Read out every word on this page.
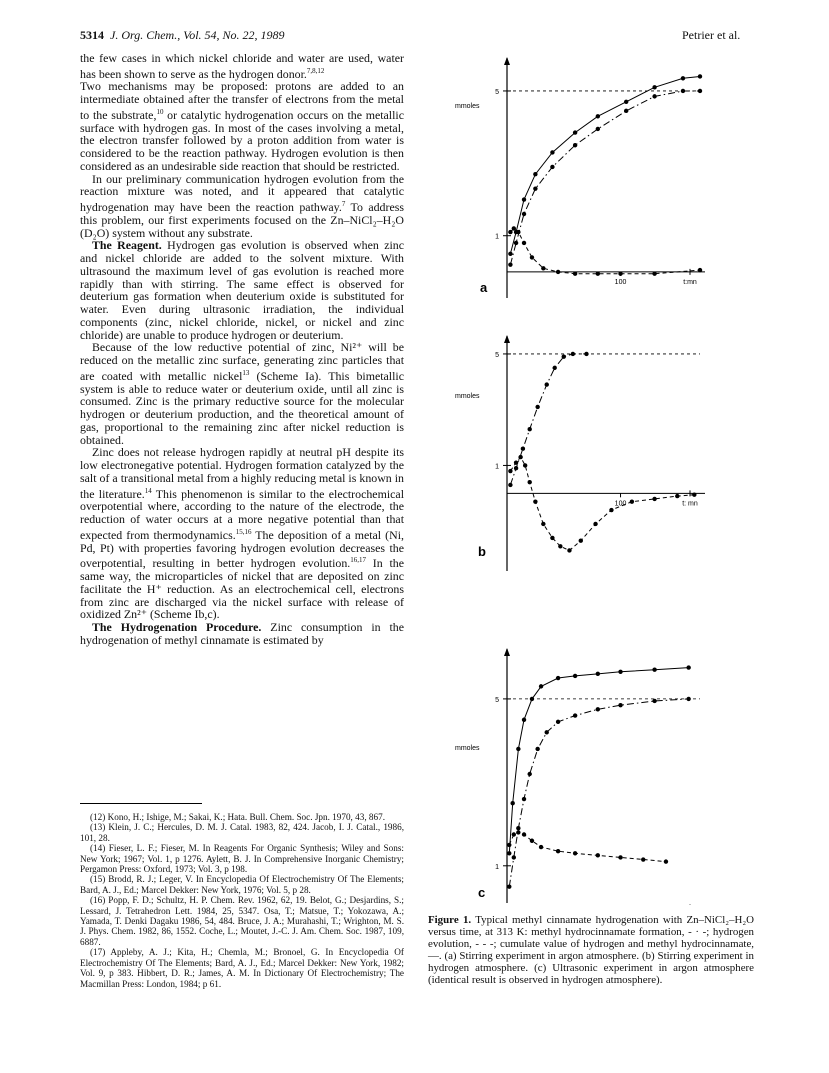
5314 J. Org. Chem., Vol. 54, No. 22, 1989	Petrier et al.

the few cases in which nickel chloride and water are used, water has been shown to serve as the hydrogen donor.$^{7,8,12}$

Two mechanisms may be proposed: protons are added to an intermediate obtained after the transfer of electrons from the metal to the substrate,$^{10}$ or catalytic hydrogenation occurs on the metallic surface with hydrogen gas. In most of the cases involving a metal, the electron transfer followed by a proton addition from water is considered to be the reaction pathway. Hydrogen evolution is then considered as an undesirable side reaction that should be restricted.

In our preliminary communication hydrogen evolution from the reaction mixture was noted, and it appeared that catalytic hydrogenation may have been the reaction pathway.$^7$ To address this problem, our first experiments focused on the Zn–NiCl₂–H₂O (D₂O) system without any substrate.

The Reagent. Hydrogen gas evolution is observed when zinc and nickel chloride are added to the solvent mixture. With ultrasound the maximum level of gas evolution is reached more rapidly than with stirring. The same effect is observed for deuterium gas formation when deuterium oxide is substituted for water. Even during ultrasonic irradiation, the individual components (zinc, nickel chloride, nickel, or nickel and zinc chloride) are unable to produce hydrogen or deuterium.

Because of the low reductive potential of zinc, Ni²⁺ will be reduced on the metallic zinc surface, generating zinc particles that are coated with metallic nickel$^{13}$ (Scheme Ia). This bimetallic system is able to reduce water or deuterium oxide, until all zinc is consumed. Zinc is the primary reductive source for the molecular hydrogen or deuterium production, and the theoretical amount of gas, proportional to the remaining zinc after nickel reduction is obtained.

Zinc does not release hydrogen rapidly at neutral pH despite its low electronegative potential. Hydrogen formation catalyzed by the salt of a transitional metal from a highly reducing metal is known in the literature.$^{14}$ This phenomenon is similar to the electrochemical overpotential where, according to the nature of the electrode, the reduction of water occurs at a more negative potential than that expected from thermodynamics.$^{15,16}$ The deposition of a metal (Ni, Pd, Pt) with properties favoring hydrogen evolution decreases the overpotential, resulting in better hydrogen evolution.$^{16,17}$ In the same way, the microparticles of nickel that are deposited on zinc facilitate the H⁺ reduction. As an electrochemical cell, electrons from zinc are discharged via the nickel surface with release of oxidized Zn²⁺ (Scheme Ib,c).

The Hydrogenation Procedure. Zinc consumption in the hydrogenation of methyl cinnamate is estimated by

(12) Kono, H.; Ishige, M.; Sakai, K.; Hata. Bull. Chem. Soc. Jpn. 1970, 43, 867.

(13) Klein, J. C.; Hercules, D. M. J. Catal. 1983, 82, 424. Jacob, I. J. Catal., 1986, 101, 28.

(14) Fieser, L. F.; Fieser, M. In Reagents For Organic Synthesis; Wiley and Sons: New York; 1967; Vol. 1, p 1276. Aylett, B. J. In Comprehensive Inorganic Chemistry; Pergamon Press: Oxford, 1973; Vol. 3, p 198.

(15) Brodd, R. J.; Leger, V. In Encyclopedia Of Electrochemistry Of The Elements; Bard, A. J., Ed.; Marcel Dekker: New York, 1976; Vol. 5, p 28.

(16) Popp, F. D.; Schultz, H. P. Chem. Rev. 1962, 62, 19. Belot, G.; Desjardins, S.; Lessard, J. Tetrahedron Lett. 1984, 25, 5347. Osa, T.; Matsue, T.; Yokozawa, A.; Yamada, T. Denki Dagaku 1986, 54, 484. Bruce, J. A.; Murahashi, T.; Wrighton, M. S. J. Phys. Chem. 1982, 86, 1552. Coche, L.; Moutet, J.-C. J. Am. Chem. Soc. 1987, 109, 6887.

(17) Appleby, A. J.; Kita, H.; Chemla, M.; Bronoel, G. In Encyclopedia Of Electrochemistry Of The Elements; Bard, A. J., Ed.; Marcel Dekker: New York, 1982; Vol. 9, p 383. Hibbert, D. R.; James, A. M. In Dictionary Of Electrochemistry; The Macmillan Press: London, 1984; p 61.

5
1
100	t:mn
mmoles
a
5
1
100	t: mn
mmoles
b
5
1
mmoles
c
Figure 1. Typical methyl cinnamate hydrogenation with Zn–NiCl₂–H₂O versus time, at 313 K: methyl hydrocinnamate formation, - · -; hydrogen evolution, - - -; cumulate value of hydrogen and methyl hydrocinnamate, —. (a) Stirring experiment in argon atmosphere. (b) Stirring experiment in hydrogen atmosphere. (c) Ultrasonic experiment in argon atmosphere (identical result is observed in hydrogen atmosphere).
